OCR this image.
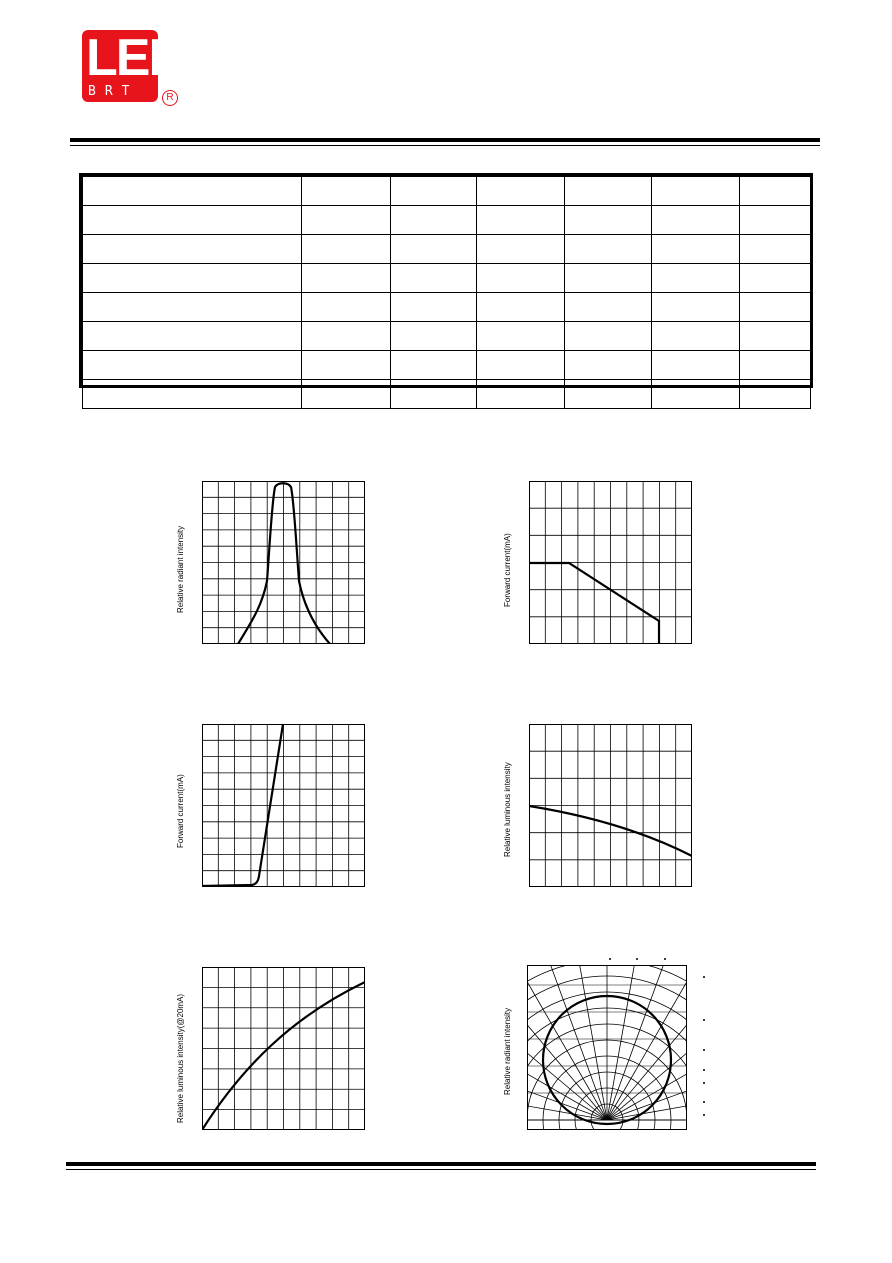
LED
BRT	R

Relative radiant intensity	Forward current(mA)
Forward current(mA)	Relative luminous intensity
Relative luminous intensity(@20mA)	Relative radiant intensity
